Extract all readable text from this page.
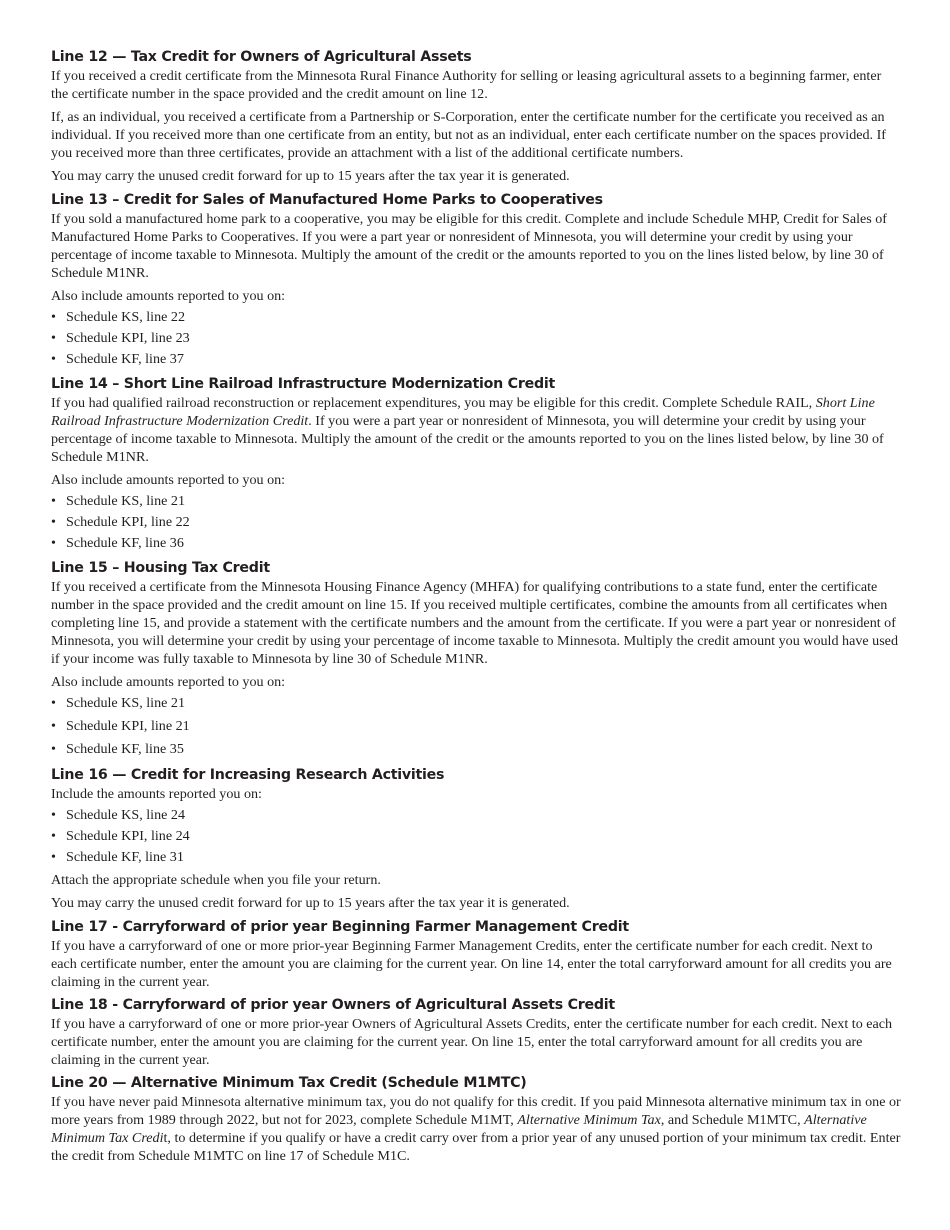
Line 12 — Tax Credit for Owners of Agricultural Assets

If you received a credit certificate from the Minnesota Rural Finance Authority for selling or leasing agricultural assets to a beginning farmer, enter the certificate number in the space provided and the credit amount on line 12.

If, as an individual, you received a certificate from a Partnership or S-Corporation, enter the certificate number for the certificate you received as an individual. If you received more than one certificate from an entity, but not as an individual, enter each certificate number on the spaces provided. If you received more than three certificates, provide an attachment with a list of the additional certificate numbers.

You may carry the unused credit forward for up to 15 years after the tax year it is generated.

Line 13 – Credit for Sales of Manufactured Home Parks to Cooperatives

If you sold a manufactured home park to a cooperative, you may be eligible for this credit. Complete and include Schedule MHP, Credit for Sales of Manufactured Home Parks to Cooperatives. If you were a part year or nonresident of Minnesota, you will determine your credit by using your percentage of income taxable to Minnesota. Multiply the amount of the credit or the amounts reported to you on the lines listed below, by line 30 of Schedule M1NR.

Also include amounts reported to you on:

• Schedule KS, line 22
• Schedule KPI, line 23
• Schedule KF, line 37
Line 14 – Short Line Railroad Infrastructure Modernization Credit

If you had qualified railroad reconstruction or replacement expenditures, you may be eligible for this credit. Complete Schedule RAIL, Short Line Railroad Infrastructure Modernization Credit. If you were a part year or nonresident of Minnesota, you will determine your credit by using your percentage of income taxable to Minnesota. Multiply the amount of the credit or the amounts reported to you on the lines listed below, by line 30 of Schedule M1NR.

Also include amounts reported to you on:

• Schedule KS, line 21
• Schedule KPI, line 22
• Schedule KF, line 36
Line 15 – Housing Tax Credit

If you received a certificate from the Minnesota Housing Finance Agency (MHFA) for qualifying contributions to a state fund, enter the certificate number in the space provided and the credit amount on line 15. If you received multiple certificates, combine the amounts from all certificates when completing line 15, and provide a statement with the certificate numbers and the amount from the certificate. If you were a part year or nonresident of Minnesota, you will determine your credit by using your percentage of income taxable to Minnesota. Multiply the credit amount you would have used if your income was fully taxable to Minnesota by line 30 of Schedule M1NR.

Also include amounts reported to you on:

• Schedule KS, line 21
• Schedule KPI, line 21
• Schedule KF, line 35
Line 16 — Credit for Increasing Research Activities

Include the amounts reported you on:

• Schedule KS, line 24
• Schedule KPI, line 24
• Schedule KF, line 31

Attach the appropriate schedule when you file your return.

You may carry the unused credit forward for up to 15 years after the tax year it is generated.

Line 17 - Carryforward of prior year Beginning Farmer Management Credit

If you have a carryforward of one or more prior-year Beginning Farmer Management Credits, enter the certificate number for each credit. Next to each certificate number, enter the amount you are claiming for the current year. On line 14, enter the total carryforward amount for all credits you are claiming in the current year.

Line 18 - Carryforward of prior year Owners of Agricultural Assets Credit

If you have a carryforward of one or more prior-year Owners of Agricultural Assets Credits, enter the certificate number for each credit. Next to each certificate number, enter the amount you are claiming for the current year. On line 15, enter the total carryforward amount for all credits you are claiming in the current year.

Line 20 — Alternative Minimum Tax Credit (Schedule M1MTC)

If you have never paid Minnesota alternative minimum tax, you do not qualify for this credit. If you paid Minnesota alternative minimum tax in one or more years from 1989 through 2022, but not for 2023, complete Schedule M1MT, Alternative Minimum Tax, and Schedule M1MTC, Alternative Minimum Tax Credit, to determine if you qualify or have a credit carry over from a prior year of any unused portion of your minimum tax credit. Enter the credit from Schedule M1MTC on line 17 of Schedule M1C.
